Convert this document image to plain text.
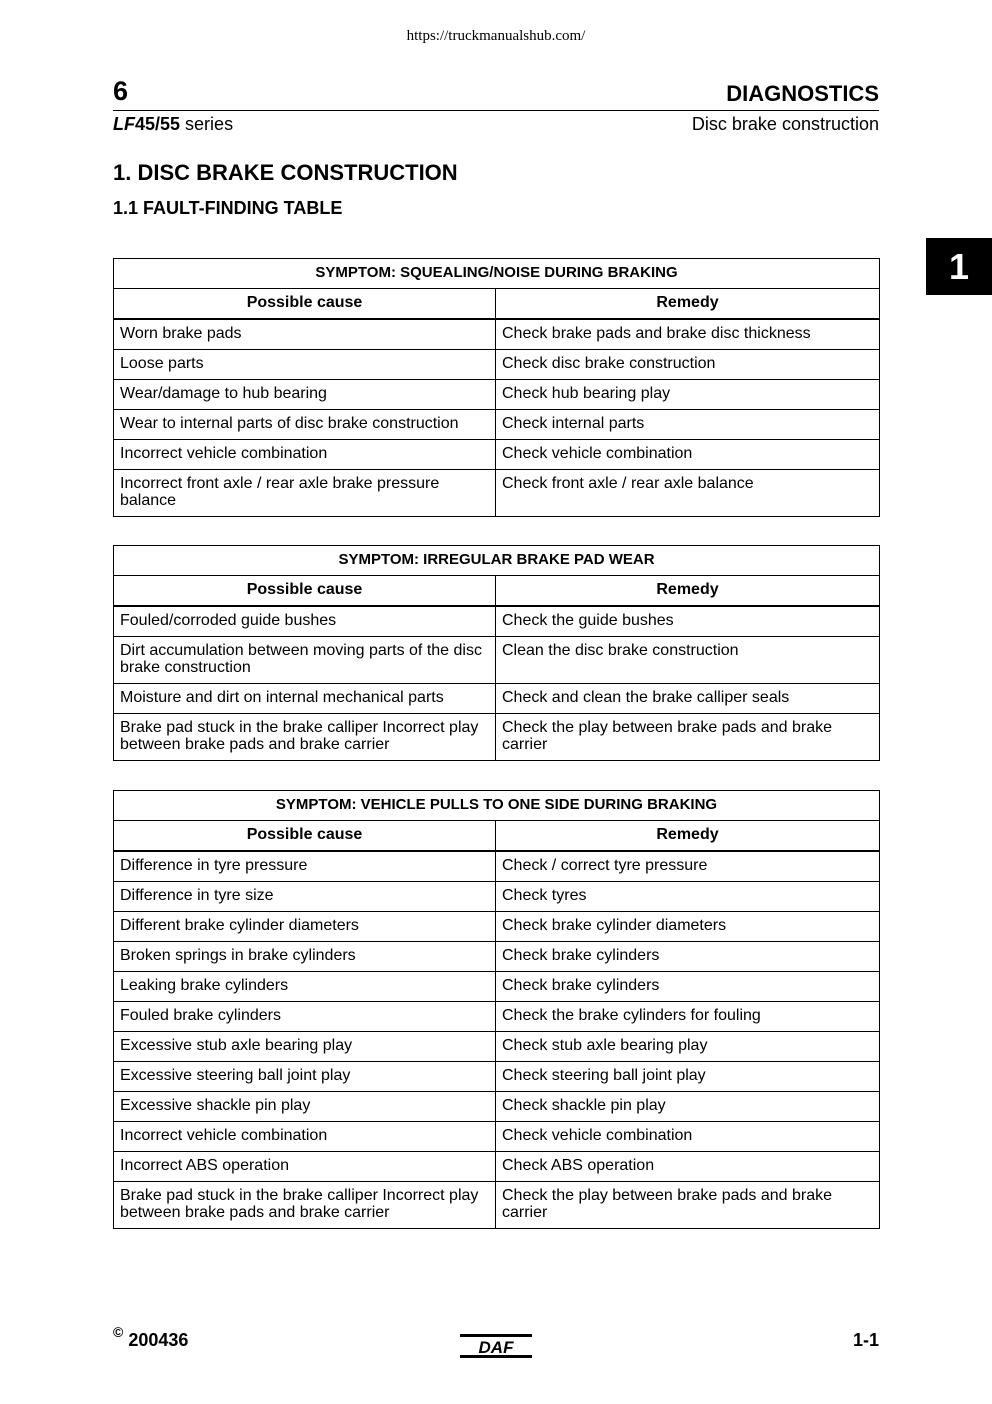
https://truckmanualshub.com/
6	DIAGNOSTICS
LF45/55 series	Disc brake construction
1. DISC BRAKE CONSTRUCTION
1.1 FAULT-FINDING TABLE
1
SYMPTOM: SQUEALING/NOISE DURING BRAKING	
Possible cause	Remedy
Worn brake pads	Check brake pads and brake disc thickness
Loose parts	Check disc brake construction
Wear/damage to hub bearing	Check hub bearing play
Wear to internal parts of disc brake construction	Check internal parts
Incorrect vehicle combination	Check vehicle combination
Incorrect front axle / rear axle brake pressure balance	Check front axle / rear axle balance
SYMPTOM: IRREGULAR BRAKE PAD WEAR	
Possible cause	Remedy
Fouled/corroded guide bushes	Check the guide bushes
Dirt accumulation between moving parts of the disc brake construction	Clean the disc brake construction
Moisture and dirt on internal mechanical parts	Check and clean the brake calliper seals
Brake pad stuck in the brake calliper Incorrect play between brake pads and brake carrier	Check the play between brake pads and brake carrier
SYMPTOM: VEHICLE PULLS TO ONE SIDE DURING BRAKING	
Possible cause	Remedy
Difference in tyre pressure	Check / correct tyre pressure
Difference in tyre size	Check tyres
Different brake cylinder diameters	Check brake cylinder diameters
Broken springs in brake cylinders	Check brake cylinders
Leaking brake cylinders	Check brake cylinders
Fouled brake cylinders	Check the brake cylinders for fouling
Excessive stub axle bearing play	Check stub axle bearing play
Excessive steering ball joint play	Check steering ball joint play
Excessive shackle pin play	Check shackle pin play
Incorrect vehicle combination	Check vehicle combination
Incorrect ABS operation	Check ABS operation
Brake pad stuck in the brake calliper Incorrect play between brake pads and brake carrier	Check the play between brake pads and brake carrier
© 200436	DAF	1-1
